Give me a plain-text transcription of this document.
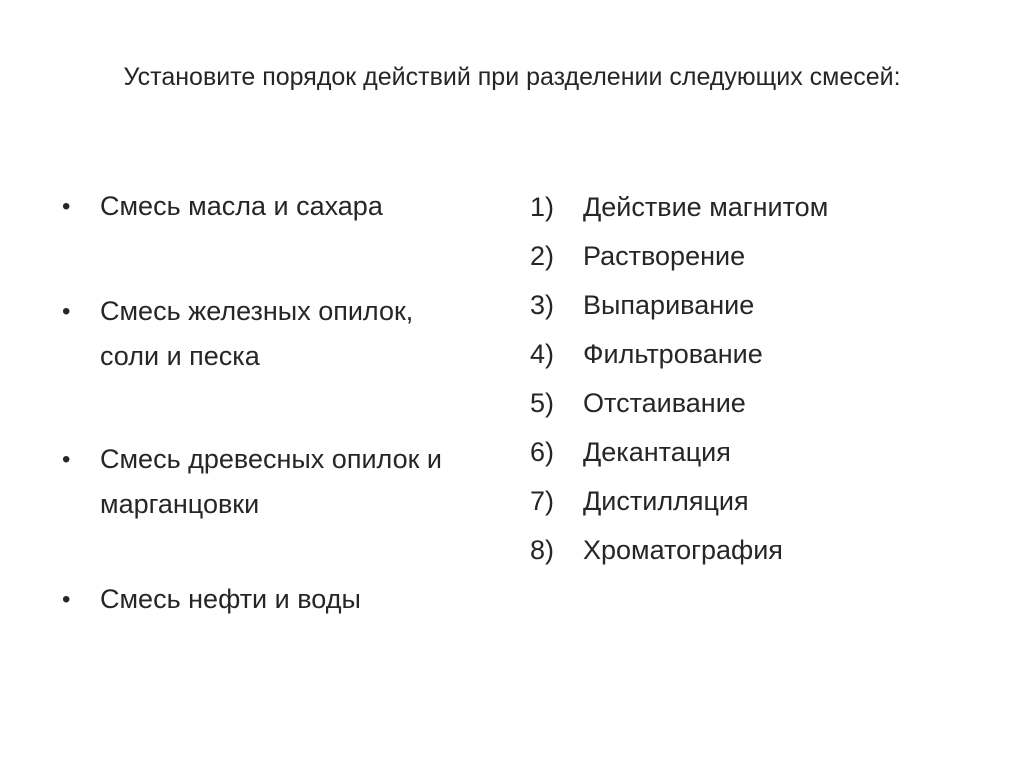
Установите порядок действий при разделении следующих смесей:
•	Смесь масла и сахара
•	Смесь железных опилок,
соли и песка
•	Смесь древесных опилок и
марганцовки
•	Смесь нефти и воды
1)	Действие магнитом
2)	Растворение
3)	Выпаривание
4)	Фильтрование
5)	Отстаивание
6)	Декантация
7)	Дистилляция
8)	Хроматография
